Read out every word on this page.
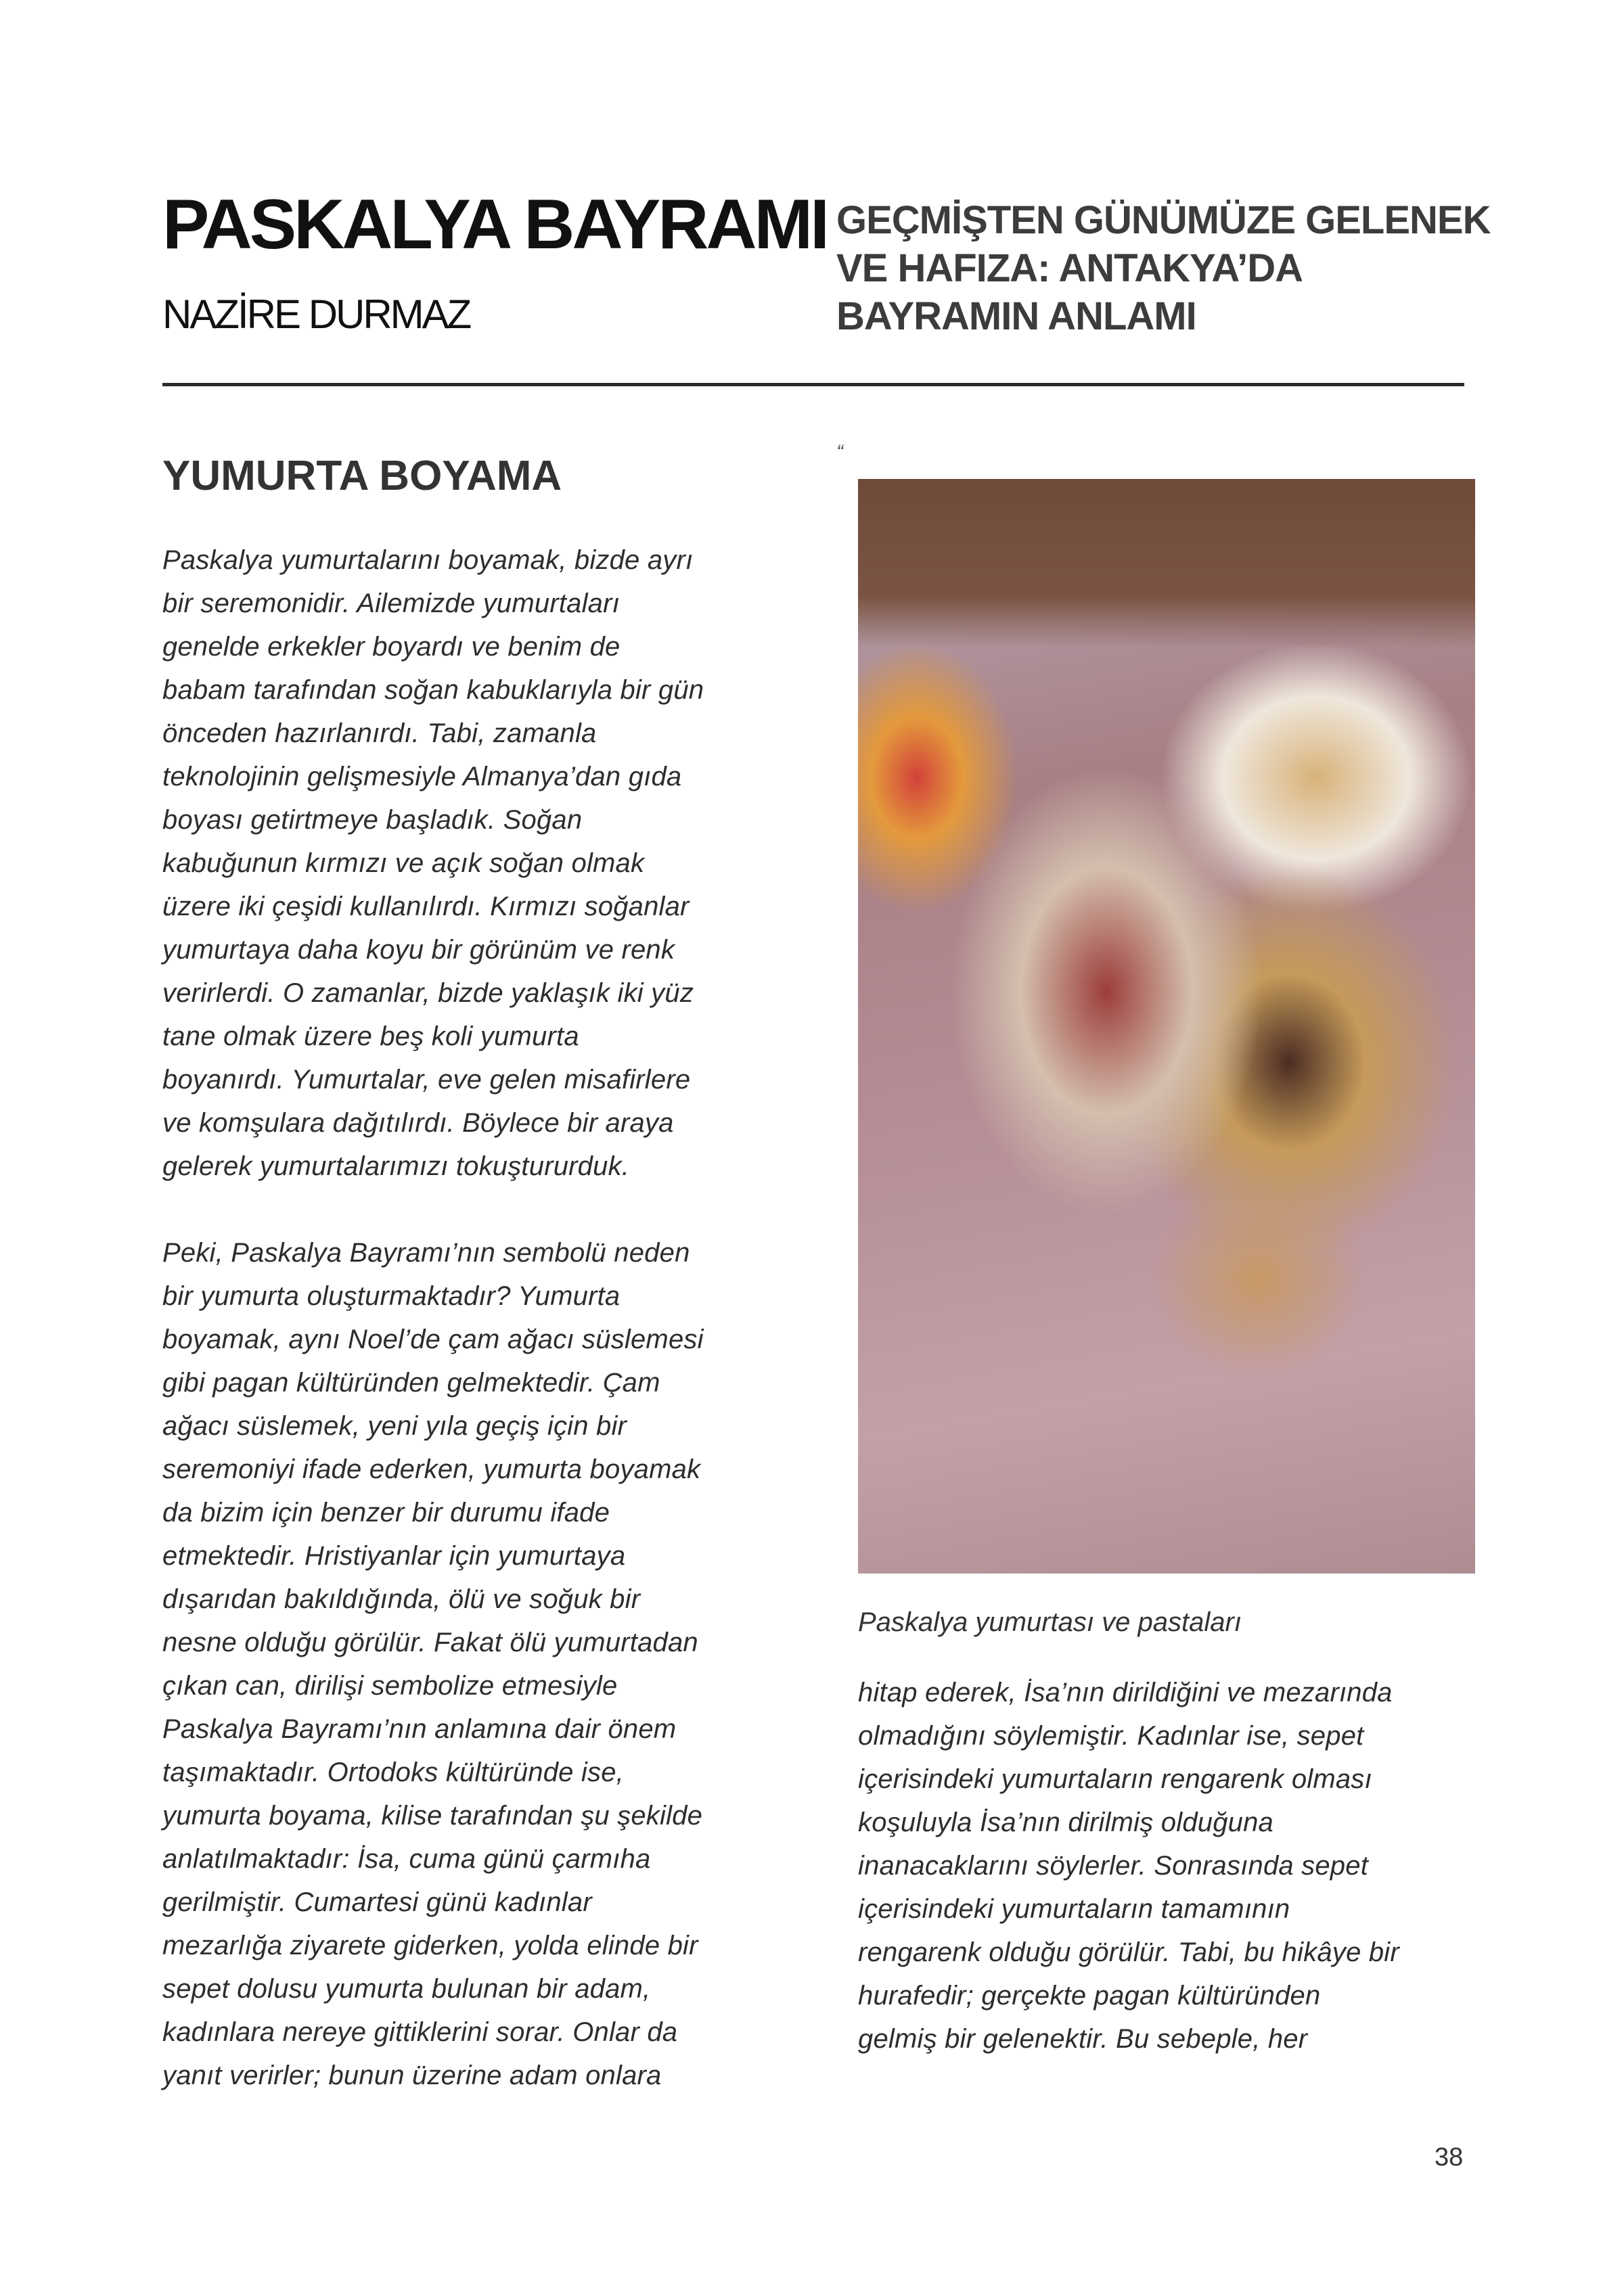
PASKALYA BAYRAMI
NAZİRE DURMAZ
GEÇMİŞTEN GÜNÜMÜZE GELENEK
VE HAFIZA: ANTAKYA’DA
BAYRAMIN ANLAMI
YUMURTA BOYAMA
“

Paskalya yumurtalarını boyamak, bizde ayrı
bir seremonidir. Ailemizde yumurtaları
genelde erkekler boyardı ve benim de
babam tarafından soğan kabuklarıyla bir gün
önceden hazırlanırdı. Tabi, zamanla
teknolojinin gelişmesiyle Almanya’dan gıda
boyası getirtmeye başladık. Soğan
kabuğunun kırmızı ve açık soğan olmak
üzere iki çeşidi kullanılırdı. Kırmızı soğanlar
yumurtaya daha koyu bir görünüm ve renk
verirlerdi. O zamanlar, bizde yaklaşık iki yüz
tane olmak üzere beş koli yumurta
boyanırdı. Yumurtalar, eve gelen misafirlere
ve komşulara dağıtılırdı. Böylece bir araya
gelerek yumurtalarımızı tokuştururduk.

Peki, Paskalya Bayramı’nın sembolü neden
bir yumurta oluşturmaktadır? Yumurta
boyamak, aynı Noel’de çam ağacı süslemesi
gibi pagan kültüründen gelmektedir. Çam
ağacı süslemek, yeni yıla geçiş için bir
seremoniyi ifade ederken, yumurta boyamak
da bizim için benzer bir durumu ifade
etmektedir. Hristiyanlar için yumurtaya
dışarıdan bakıldığında, ölü ve soğuk bir
nesne olduğu görülür. Fakat ölü yumurtadan
çıkan can, dirilişi sembolize etmesiyle
Paskalya Bayramı’nın anlamına dair önem
taşımaktadır. Ortodoks kültüründe ise,
yumurta boyama, kilise tarafından şu şekilde
anlatılmaktadır: İsa, cuma günü çarmıha
gerilmiştir. Cumartesi günü kadınlar
mezarlığa ziyarete giderken, yolda elinde bir
sepet dolusu yumurta bulunan bir adam,
kadınlara nereye gittiklerini sorar. Onlar da
yanıt verirler; bunun üzerine adam onlara

Paskalya yumurtası ve pastaları

hitap ederek, İsa’nın dirildiğini ve mezarında
olmadığını söylemiştir. Kadınlar ise, sepet
içerisindeki yumurtaların rengarenk olması
koşuluyla İsa’nın dirilmiş olduğuna
inanacaklarını söylerler. Sonrasında sepet
içerisindeki yumurtaların tamamının
rengarenk olduğu görülür. Tabi, bu hikâye bir
hurafedir; gerçekte pagan kültüründen
gelmiş bir gelenektir. Bu sebeple, her

38
